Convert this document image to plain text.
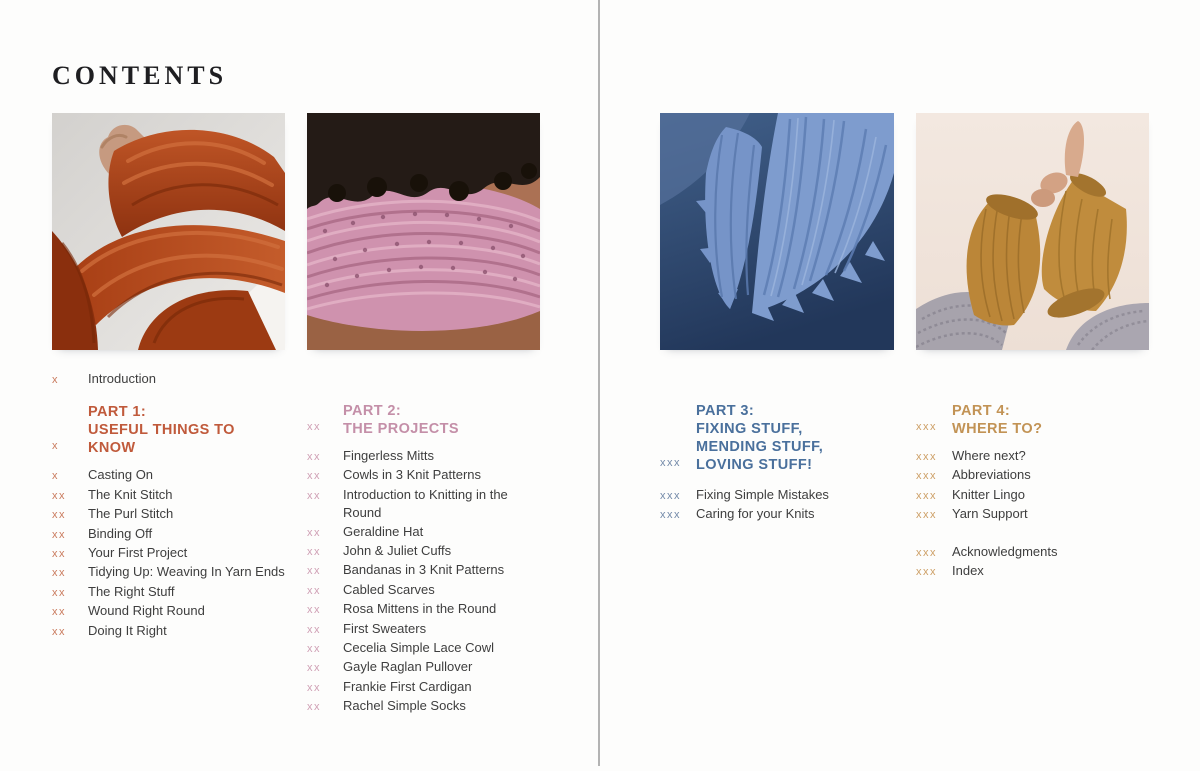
CONTENTS
x	Introduction
x
PART 1:
USEFUL THINGS TO KNOW
x	Casting On
xx	The Knit Stitch
xx	The Purl Stitch
xx	Binding Off
xx	Your First Project
xx	Tidying Up: Weaving In Yarn Ends
xx	The Right Stuff
xx	Wound Right Round
xx	Doing It Right
xx
PART 2:
THE PROJECTS
xx	Fingerless Mitts
xx	Cowls in 3 Knit Patterns
xx	Introduction to Knitting in the Round
xx	Geraldine Hat
xx	John & Juliet Cuffs
xx	Bandanas in 3 Knit Patterns
xx	Cabled Scarves
xx	Rosa Mittens in the Round
xx	First Sweaters
xx	Cecelia Simple Lace Cowl
xx	Gayle Raglan Pullover
xx	Frankie First Cardigan
xx	Rachel Simple Socks
xxx
PART 3:
FIXING STUFF,
MENDING STUFF,
LOVING STUFF!
xxx	Fixing Simple Mistakes
xxx	Caring for your Knits
xxx
PART 4:
WHERE TO?
xxx	Where next?
xxx	Abbreviations
xxx	Knitter Lingo
xxx	Yarn Support
xxx	Acknowledgments
xxx	Index
